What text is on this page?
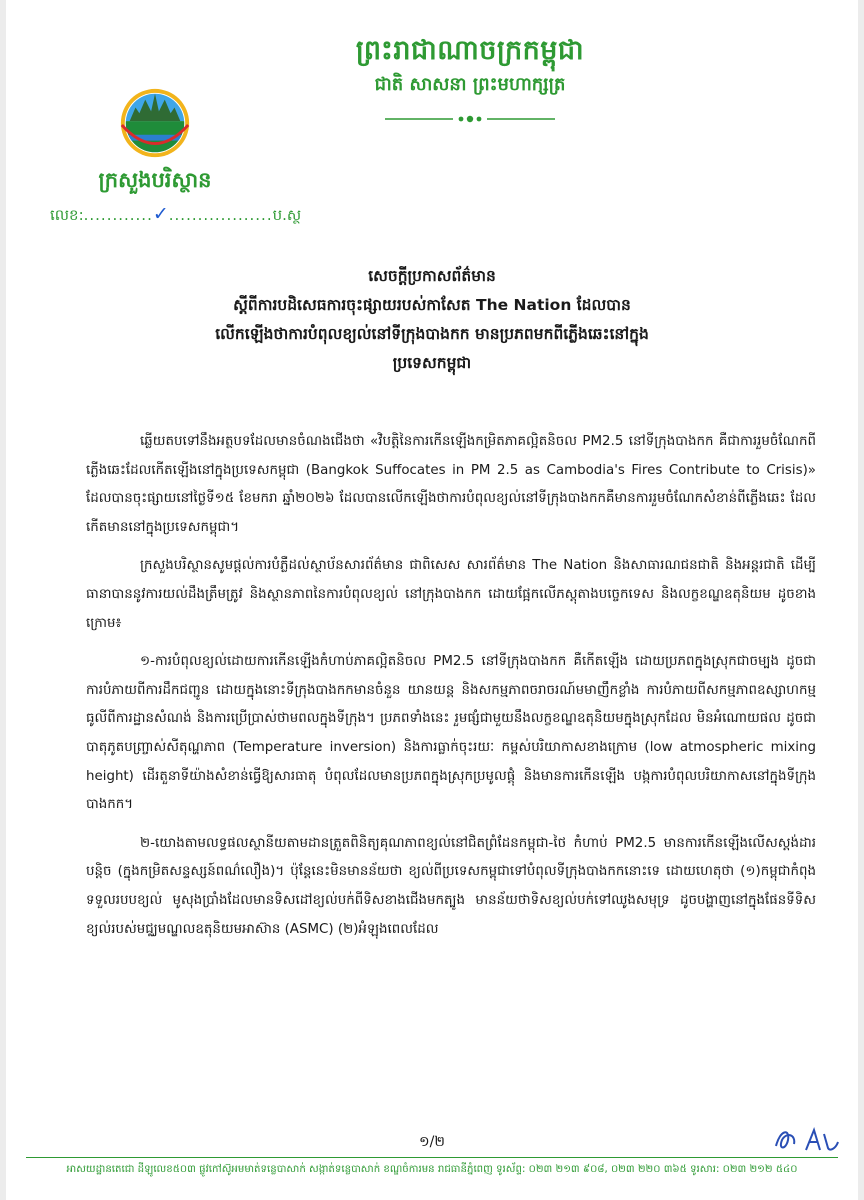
ព្រះរាជាណាចក្រកម្ពុជា
ជាតិ សាសនា ព្រះមហាក្សត្រ
ក្រសួងបរិស្ថាន
លេខ:............✓..................ប.ស្ថ
សេចក្ដីប្រកាសព័ត៌មាន
ស្ដីពីការបដិសេធការចុះផ្សាយរបស់កាសែត The Nation ដែលបាន
លើកឡើងថាការបំពុលខ្យល់នៅទីក្រុងបាងកក មានប្រភពមកពីភ្លើងឆេះនៅក្នុង
ប្រទេសកម្ពុជា

ឆ្លើយតបទៅនឹងអត្ថបទដែលមានចំណងជើងថា «វិបត្តិនៃការកើនឡើងកម្រិតភាគល្អិតនិចល PM2.5 នៅទីក្រុងបាងកក គឺជាការរួមចំណែកពីភ្លើងឆេះដែលកើតឡើងនៅក្នុងប្រទេសកម្ពុជា (Bangkok Suffocates in PM 2.5 as Cambodia's Fires Contribute to Crisis)» ដែលបានចុះផ្សាយនៅថ្ងៃទី១៥ ខែមករា ឆ្នាំ២០២៦ ដែលបានលើកឡើងថាការបំពុលខ្យល់នៅទីក្រុងបាងកកគឺមានការរួមចំណែកសំខាន់ពីភ្លើងឆេះ ដែលកើតមាននៅក្នុងប្រទេសកម្ពុជា។

ក្រសួងបរិស្ថានសូមផ្ដល់ការបំភ្លឺដល់ស្ថាប័នសារព័ត៌មាន ជាពិសេស សារព័ត៌មាន The Nation និងសាធារណជនជាតិ និងអន្តរជាតិ ដើម្បីធានាបាននូវការយល់ដឹងត្រឹមត្រូវ និងស្ថានភាពនៃការបំពុលខ្យល់ នៅក្រុងបាងកក ដោយផ្អែកលើភស្តុតាងបច្ចេកទេស និងលក្ខខណ្ឌឧតុនិយម ដូចខាងក្រោម៖

១-ការបំពុលខ្យល់ដោយការកើនឡើងកំហាប់ភាគល្អិតនិចល PM2.5 នៅទីក្រុងបាងកក គឺកើតឡើង ដោយប្រភពក្នុងស្រុកជាចម្បង ដូចជា ការបំភាយពីការដឹកជញ្ជូន ដោយក្នុងនោះទីក្រុងបាងកកមានចំនួន យានយន្ត និងសកម្មភាពចរាចរណ៍មមាញឹកខ្លាំង ការបំភាយពីសកម្មភាពឧស្សាហកម្ម ធូលីពីការដ្ឋានសំណង់ និងការប្រើប្រាស់ថាមពលក្នុងទីក្រុង។ ប្រភពទាំងនេះ រួមផ្សំជាមួយនឹងលក្ខខណ្ឌឧតុនិយមក្នុងស្រុកដែល មិនអំណោយផល ដូចជាបាតុភូតបញ្ច្រាស់សីតុណ្ហភាព (Temperature inversion) និងការធ្លាក់ចុះរយៈ កម្ពស់បរិយាកាសខាងក្រោម (low atmospheric mixing height) ដើរតួនាទីយ៉ាងសំខាន់ធ្វើឱ្យសារធាតុ បំពុលដែលមានប្រភពក្នុងស្រុកប្រមូលផ្ដុំ និងមានការកើនឡើង បង្កការបំពុលបរិយាកាសនៅក្នុងទីក្រុង បាងកក។

២-យោងតាមលទ្ធផលស្ថានីយតាមដានត្រួតពិនិត្យគុណភាពខ្យល់នៅជិតព្រំដែនកម្ពុជា-ថៃ កំហាប់ PM2.5 មានការកើនឡើងលើសស្តង់ដារបន្តិច (ក្នុងកម្រិតសន្ទស្សន៍ពណ៌លឿង)។ ប៉ុន្តែនេះមិនមានន័យថា ខ្យល់ពីប្រទេសកម្ពុជាទៅបំពុលទីក្រុងបាងកកនោះទេ ដោយហេតុថា (១)កម្ពុជាកំពុងទទួលរបបខ្យល់ មូសុងប្រាំងដែលមានទិសដៅខ្យល់បក់ពីទិសខាងជើងមកត្បូង មានន័យថាទិសខ្យល់បក់ទៅឈូងសមុទ្រ ដូចបង្ហាញនៅក្នុងផែនទីទិសខ្យល់របស់មជ្ឈមណ្ឌលឧតុនិយមអាស៊ាន (ASMC) (២)អំឡុងពេលដែល

១/២
អាសយដ្ឋានតេជោ ដីឡូលេខ៥០៣ ផ្លូវកៅស៊ូអមមាត់ទន្លេបាសាក់ សង្កាត់ទន្លេបាសាក់ ខណ្ឌចំការមន រាជធានីភ្នំពេញ ទូរស័ព្ទ: ០២៣ ២១៣ ៩០៨, ០២៣ ២២០ ៣៦៥ ទូរសារ: ០២៣ ២១២ ៥៤០
